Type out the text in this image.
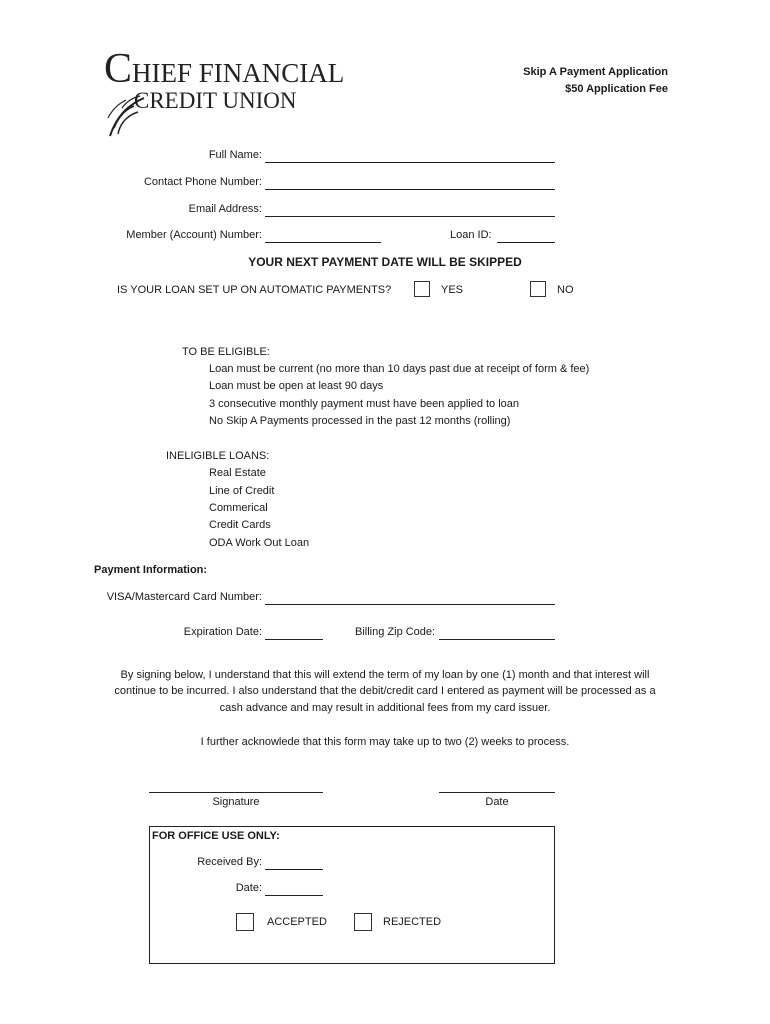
CHIEF FINANCIAL
CREDIT UNION
Skip A Payment Application
$50 Application Fee
Full Name:
Contact Phone Number:
Email Address:
Member (Account) Number:	Loan ID:
YOUR NEXT PAYMENT DATE WILL BE SKIPPED
IS YOUR LOAN SET UP ON AUTOMATIC PAYMENTS?	YES	NO
TO BE ELIGIBLE:
Loan must be current (no more than 10 days past due at receipt of form & fee)
Loan must be open at least 90 days
3 consecutive monthly payment must have been applied to loan
No Skip A Payments processed in the past 12 months (rolling)
INELIGIBLE LOANS:
Real Estate
Line of Credit
Commerical
Credit Cards
ODA Work Out Loan
Payment Information:
VISA/Mastercard Card Number:
Expiration Date:	Billing Zip Code:
By signing below, I understand that this will extend the term of my loan by one (1) month and that interest will
continue to be incurred. I also understand that the debit/credit card I entered as payment will be processed as a
cash advance and may result in additional fees from my card issuer.
I further acknowlede that this form may take up to two (2) weeks to process.
Signature	Date
FOR OFFICE USE ONLY:
Received By:
Date:
ACCEPTED	REJECTED
